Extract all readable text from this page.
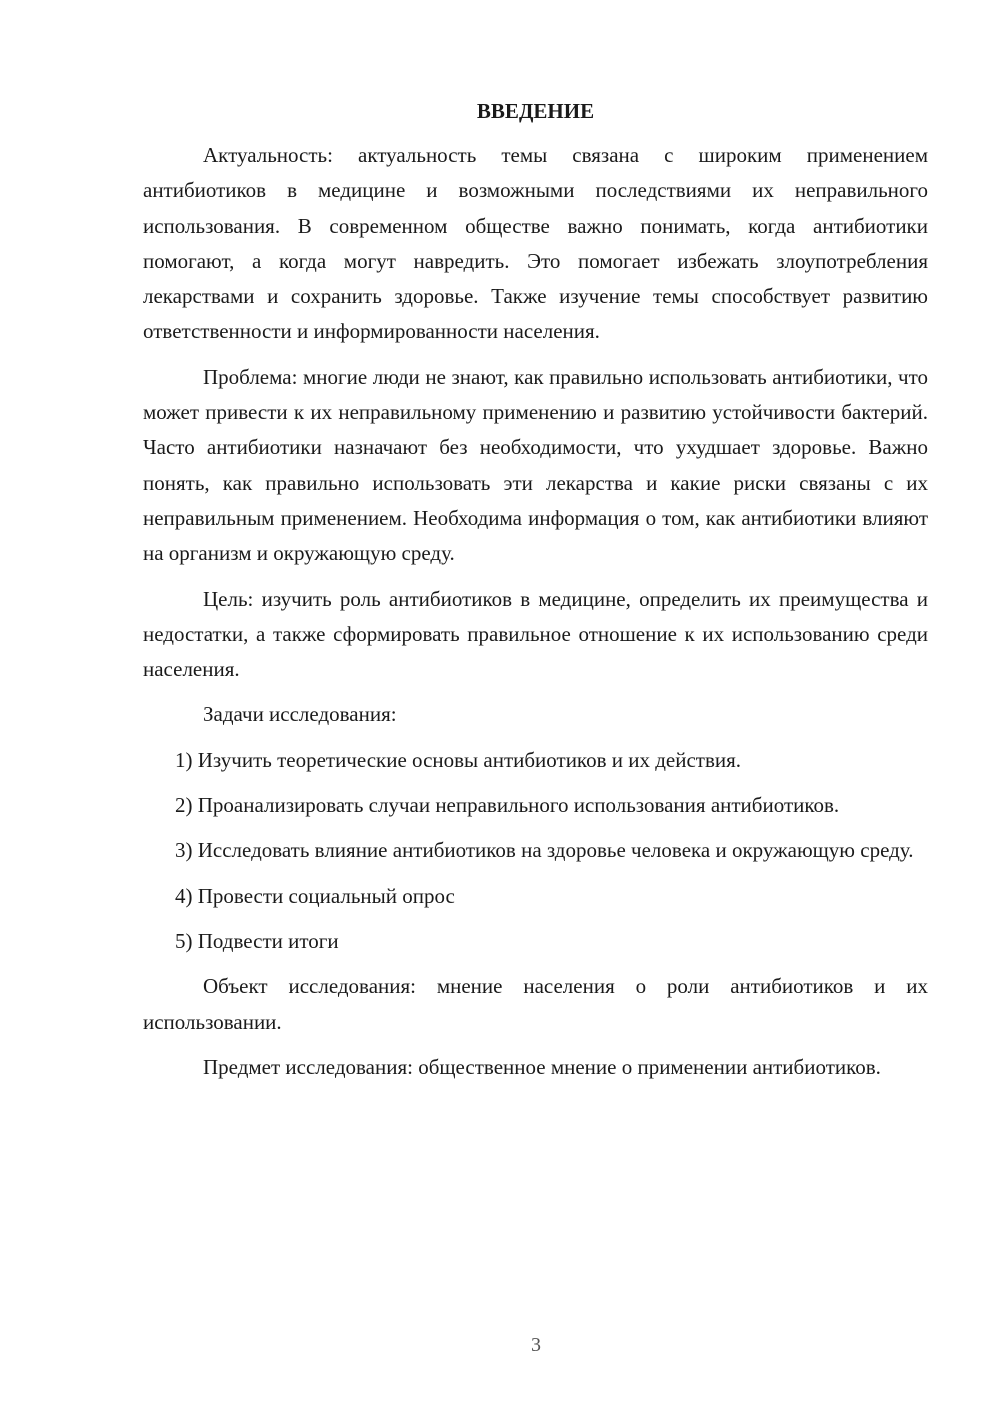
ВВЕДЕНИЕ

Актуальность: актуальность темы связана с широким применением антибиотиков в медицине и возможными последствиями их неправильного использования. В современном обществе важно понимать, когда антибиотики помогают, а когда могут навредить. Это помогает избежать злоупотребления лекарствами и сохранить здоровье. Также изучение темы способствует развитию ответственности и информированности населения.

Проблема: многие люди не знают, как правильно использовать антибиотики, что может привести к их неправильному применению и развитию устойчивости бактерий. Часто антибиотики назначают без необходимости, что ухудшает здоровье. Важно понять, как правильно использовать эти лекарства и какие риски связаны с их неправильным применением. Необходима информация о том, как антибиотики влияют на организм и окружающую среду.

Цель: изучить роль антибиотиков в медицине, определить их преимущества и недостатки, а также сформировать правильное отношение к их использованию среди населения.

Задачи исследования:

1) Изучить теоретические основы антибиотиков и их действия.

2) Проанализировать случаи неправильного использования антибиотиков.

3) Исследовать влияние антибиотиков на здоровье человека и окружающую среду.

4) Провести социальный опрос

5) Подвести итоги

Объект исследования: мнение населения о роли антибиотиков и их использовании.

Предмет исследования: общественное мнение о применении антибиотиков.

3
